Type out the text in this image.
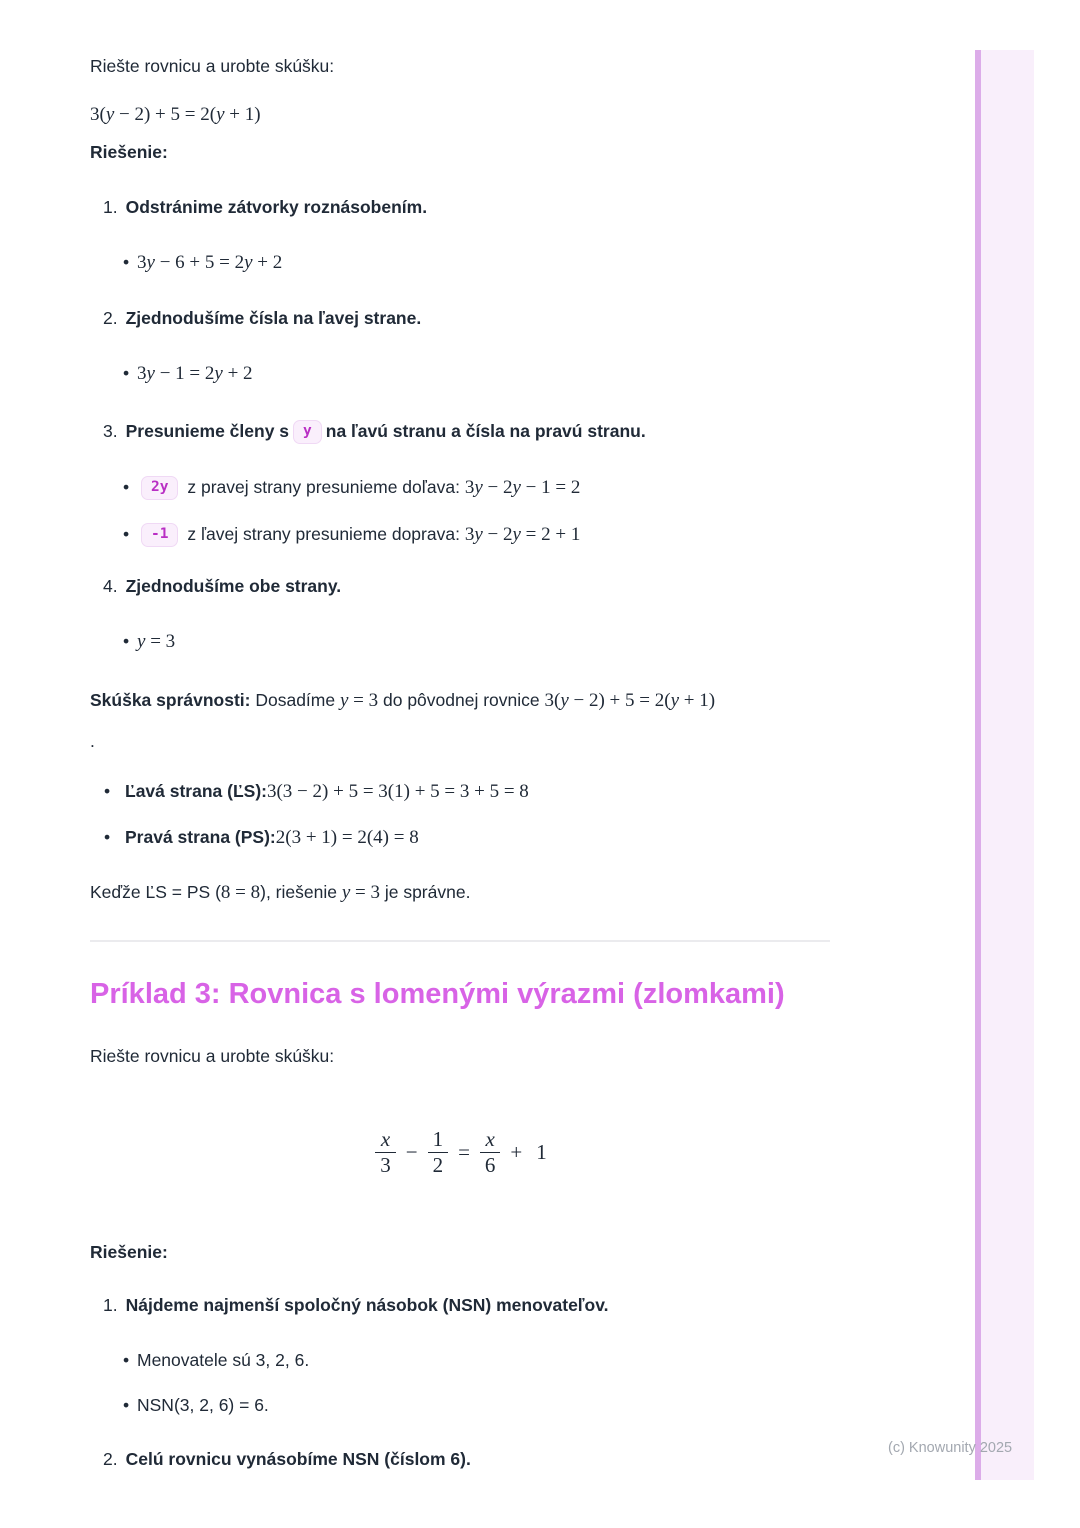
Riešte rovnicu a urobte skúšku:

3(y − 2) + 5 = 2(y + 1)

Riešenie:

1. Odstránime zátvorky roznásobením.
• 3y − 6 + 5 = 2y + 2
2. Zjednodušíme čísla na ľavej strane.
• 3y − 1 = 2y + 2
3. Presunieme členy s y na ľavú stranu a čísla na pravú stranu.
• 2y z pravej strany presunieme doľava: 3y − 2y − 1 = 2
• -1 z ľavej strany presunieme doprava: 3y − 2y = 2 + 1
4. Zjednodušíme obe strany.
• y = 3
Skúška správnosti: Dosadíme y = 3 do pôvodnej rovnice 3(y − 2) + 5 = 2(y + 1)
.
• Ľavá strana (ĽS):3(3 − 2) + 5 = 3(1) + 5 = 3 + 5 = 8
• Pravá strana (PS):2(3 + 1) = 2(4) = 8
Keďže ĽS = PS (8 = 8), riešenie y = 3 je správne.
Príklad 3: Rovnica s lomenými výrazmi (zlomkami)

Riešte rovnicu a urobte skúšku:

$\frac{x}{3} - \frac{1}{2} = \frac{x}{6} + 1$

Riešenie:

1. Nájdeme najmenší spoločný násobok (NSN) menovateľov.
• Menovatele sú 3, 2, 6.
• NSN(3, 2, 6) = 6.
2. Celú rovnicu vynásobíme NSN (číslom 6).
(c) Knowunity 2025
